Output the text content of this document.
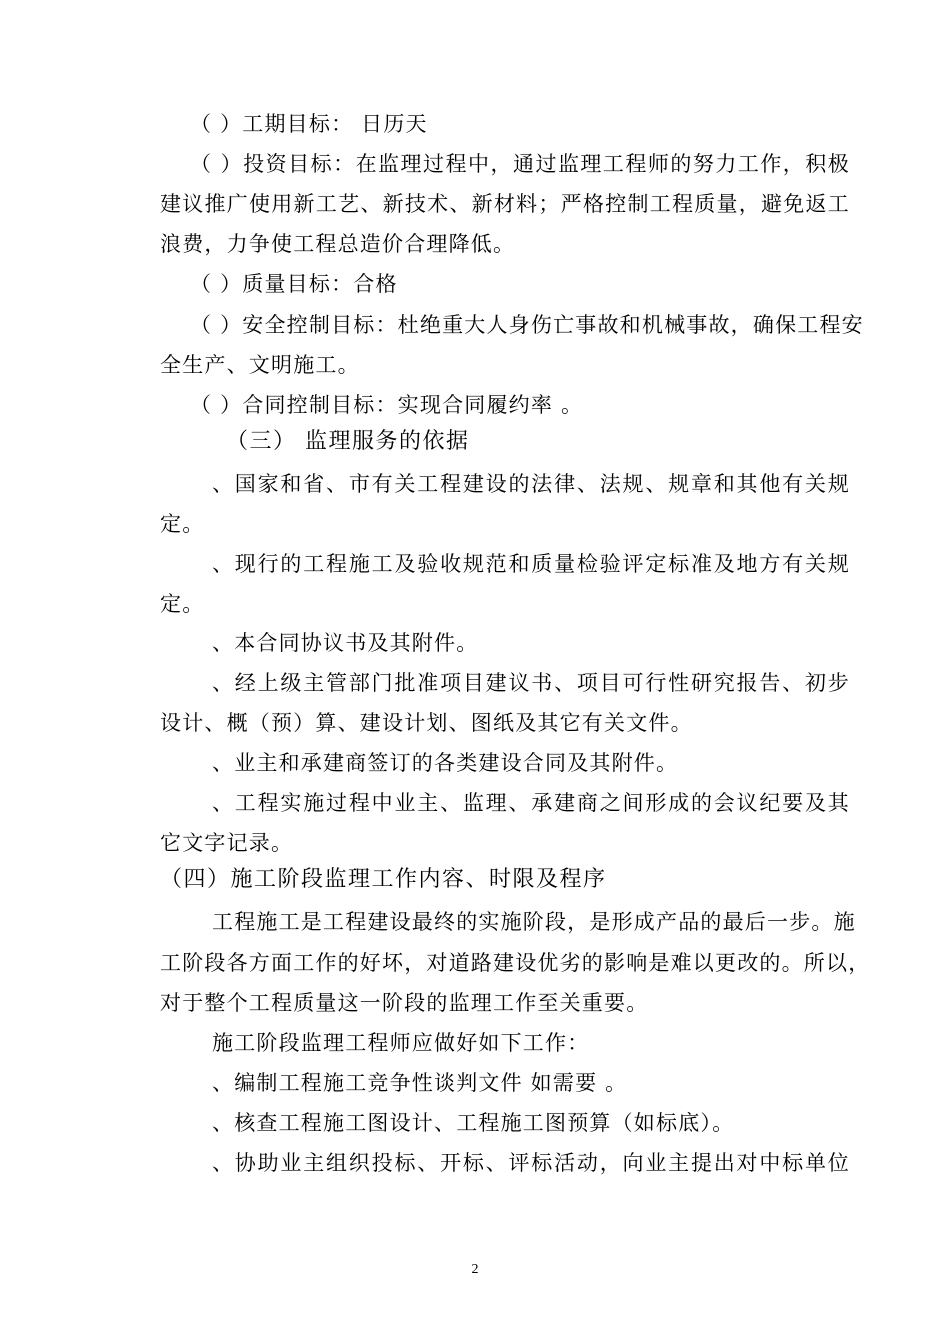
（ ）工期目标： 日历天
（ ）投资目标：在监理过程中，通过监理工程师的努力工作，积极
建议推广使用新工艺、新技术、新材料；严格控制工程质量，避免返工
浪费，力争使工程总造价合理降低。
（ ）质量目标：合格
（ ）安全控制目标：杜绝重大人身伤亡事故和机械事故，确保工程安
全生产、文明施工。
（ ）合同控制目标：实现合同履约率 。
（三） 监理服务的依据
、国家和省、市有关工程建设的法律、法规、规章和其他有关规
定。
、现行的工程施工及验收规范和质量检验评定标准及地方有关规
定。
、本合同协议书及其附件。
、经上级主管部门批准项目建议书、项目可行性研究报告、初步
设计、概（预）算、建设计划、图纸及其它有关文件。
、业主和承建商签订的各类建设合同及其附件。
、工程实施过程中业主、监理、承建商之间形成的会议纪要及其
它文字记录。
（四）施工阶段监理工作内容、时限及程序
工程施工是工程建设最终的实施阶段，是形成产品的最后一步。施
工阶段各方面工作的好坏，对道路建设优劣的影响是难以更改的。所以，
对于整个工程质量这一阶段的监理工作至关重要。
施工阶段监理工程师应做好如下工作：
、编制工程施工竞争性谈判文件 如需要 。
、核查工程施工图设计、工程施工图预算（如标底）。
、协助业主组织投标、开标、评标活动，向业主提出对中标单位
2
